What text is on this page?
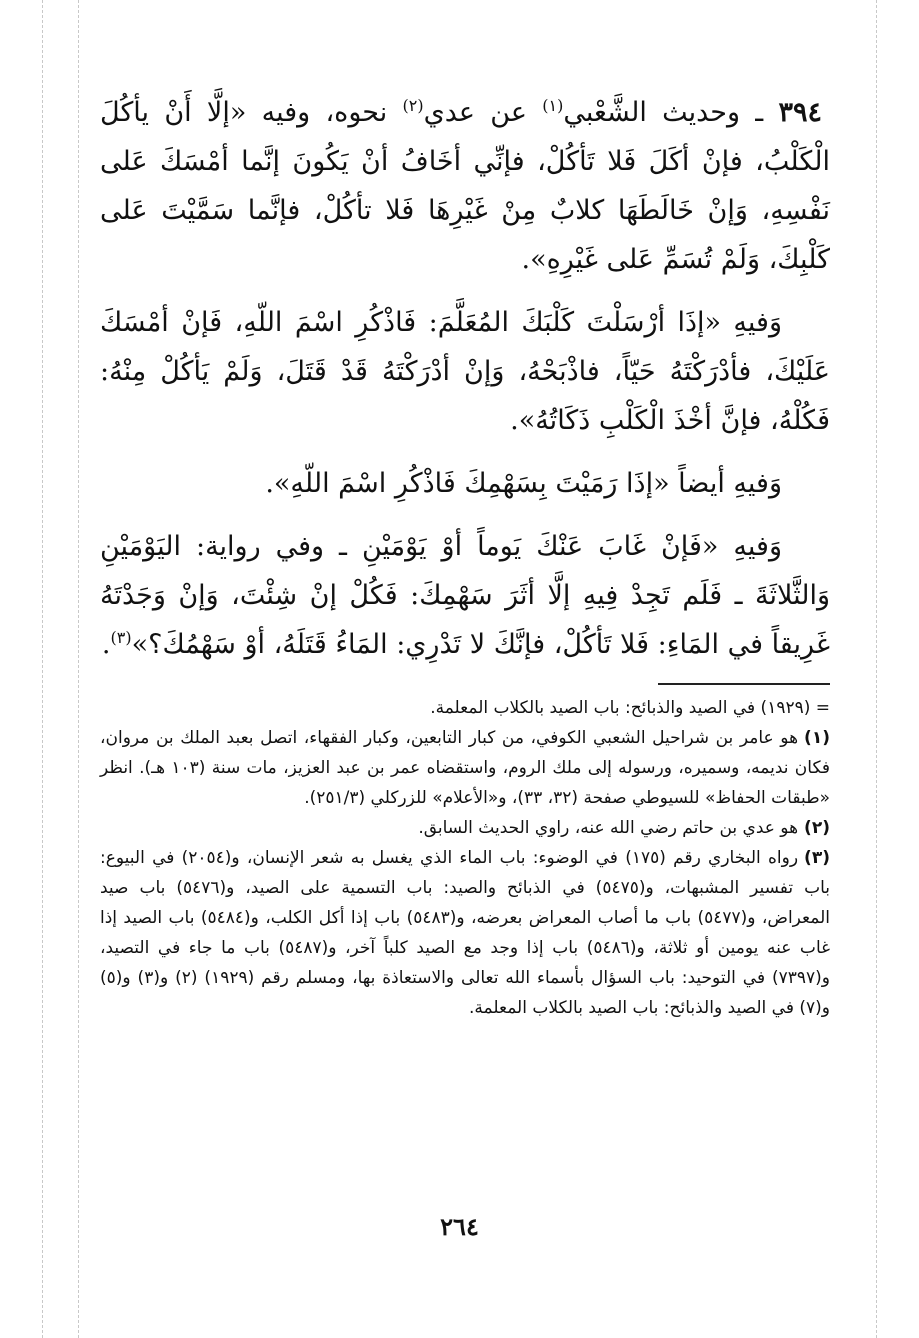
٣٩٤ ـ وحديث الشَّعْبي$^{(١)}$ عن عدي$^{(٢)}$ نحوه، وفيه «إلَّا أَنْ يأكُلَ الْكَلْبُ، فإنْ أكَلَ فَلا تَأكُلْ، فإنِّي أخَافُ أنْ يَكُونَ إنَّما أمْسَكَ عَلى نَفْسِهِ، وَإنْ خَالَطَهَا كلابٌ مِنْ غَيْرِهَا فَلا تأكُلْ، فإنَّما سَمَّيْتَ عَلى كَلْبِكَ، وَلَمْ تُسَمِّ عَلى غَيْرِهِ».

وَفيهِ «إذَا أرْسَلْتَ كَلْبَكَ المُعَلَّمَ: فَاذْكُرِ اسْمَ اللّهِ، فَإنْ أمْسَكَ عَلَيْكَ، فأدْرَكْتَهُ حَيّاً، فاذْبَحْهُ، وَإنْ أدْرَكْتَهُ قَدْ قَتَلَ، وَلَمْ يَأكُلْ مِنْهُ: فَكُلْهُ، فإنَّ أخْذَ الْكَلْبِ ذَكَاتُهُ».

وَفيهِ أيضاً «إذَا رَمَيْتَ بِسَهْمِكَ فَاذْكُرِ اسْمَ اللّهِ».

وَفيهِ «فَإنْ غَابَ عَنْكَ يَوماً أوْ يَوْمَيْنِ ـ وفي رواية: اليَوْمَيْنِ وَالثَّلاثَةَ ـ فَلَم تَجِدْ فِيهِ إلَّا أثَرَ سَهْمِكَ: فَكُلْ إنْ شِئْتَ، وَإنْ وَجَدْتَهُ غَرِيقاً في المَاءِ: فَلا تَأكُلْ، فإنَّكَ لا تَدْرِي: المَاءُ قَتَلَهُ، أوْ سَهْمُكَ؟»$^{(٣)}$.

= (١٩٢٩) في الصيد والذبائح: باب الصيد بالكلاب المعلمة.

(١)هو عامر بن شراحيل الشعبي الكوفي، من كبار التابعين، وكبار الفقهاء، اتصل بعبد الملك بن مروان، فكان نديمه، وسميره، ورسوله إلى ملك الروم، واستقضاه عمر بن عبد العزيز، مات سنة (١٠٣ هـ). انظر «طبقات الحفاظ» للسيوطي صفحة (٣٢، ٣٣)، و«الأعلام» للزركلي (٢٥١/٣).

(٢)هو عدي بن حاتم رضي الله عنه، راوي الحديث السابق.

(٣)رواه البخاري رقم (١٧٥) في الوضوء: باب الماء الذي يغسل به شعر الإنسان، و(٢٠٥٤) في البيوع: باب تفسير المشبهات، و(٥٤٧٥) في الذبائح والصيد: باب التسمية على الصيد، و(٥٤٧٦) باب صيد المعراض، و(٥٤٧٧) باب ما أصاب المعراض بعرضه، و(٥٤٨٣) باب إذا أكل الكلب، و(٥٤٨٤) باب الصيد إذا غاب عنه يومين أو ثلاثة، و(٥٤٨٦) باب إذا وجد مع الصيد كلباً آخر، و(٥٤٨٧) باب ما جاء في التصيد، و(٧٣٩٧) في التوحيد: باب السؤال بأسماء الله تعالى والاستعاذة بها، ومسلم رقم (١٩٢٩) (٢) و(٣) و(٥) و(٧) في الصيد والذبائح: باب الصيد بالكلاب المعلمة.

٢٦٤
